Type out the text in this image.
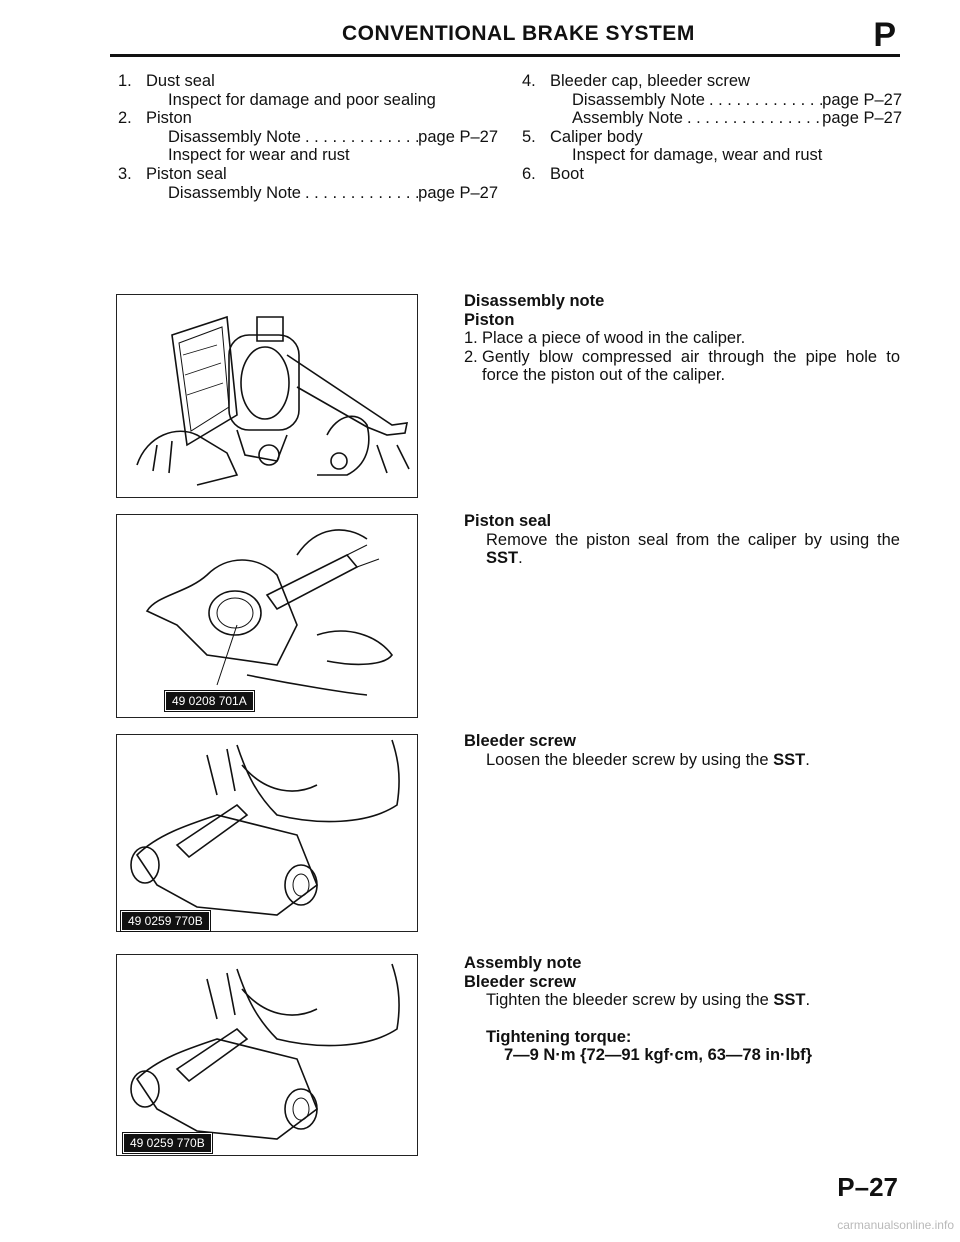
CONVENTIONAL BRAKE SYSTEM	P
1. Dust seal
Inspect for damage and poor sealing
2. Piston
Disassembly Note . . .	page P–27
Inspect for wear and rust
3. Piston seal
Disassembly Note . . .	page P–27
4. Bleeder cap, bleeder screw
Disassembly Note . . .	page P–27
Assembly Note . . .	page P–27
5. Caliper body
Inspect for damage, wear and rust
6. Boot
49 0208 701A
49 0259 770B
49 0259 770B
Disassembly note
Piston
1. Place a piece of wood in the caliper.
2. Gently blow compressed air through the pipe hole to force the piston out of the caliper.
Piston seal
Remove the piston seal from the caliper by using the SST.
Bleeder screw
Loosen the bleeder screw by using the SST.
Assembly note
Bleeder screw
Tighten the bleeder screw by using the SST.
Tightening torque:
7—9 N·m {72—91 kgf·cm, 63—78 in·lbf}
P–27
carmanualsonline.info
